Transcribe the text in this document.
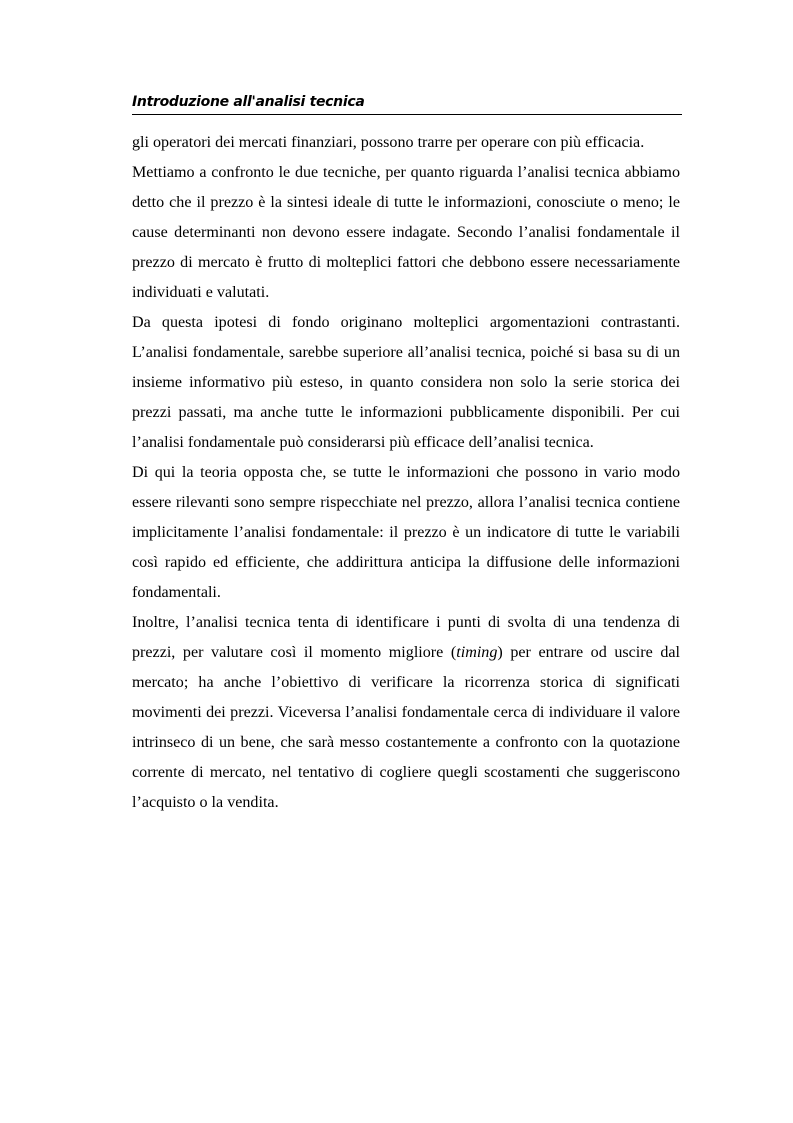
Introduzione all'analisi tecnica

gli operatori dei mercati finanziari, possono trarre per operare con più efficacia.

Mettiamo a confronto le due tecniche, per quanto riguarda l’analisi tecnica abbiamo detto che il prezzo è la sintesi ideale di tutte le informazioni, conosciute o meno; le cause determinanti non devono essere indagate. Secondo l’analisi fondamentale il prezzo di mercato è frutto di molteplici fattori che debbono essere necessariamente individuati e valutati.

Da questa ipotesi di fondo originano molteplici argomentazioni contrastanti. L’analisi fondamentale, sarebbe superiore all’analisi tecnica, poiché si basa su di un insieme informativo più esteso, in quanto considera non solo la serie storica dei prezzi passati, ma anche tutte le informazioni pubblicamente disponibili. Per cui l’analisi fondamentale può considerarsi più efficace dell’analisi tecnica.

Di qui la teoria opposta che, se tutte le informazioni che possono in vario modo essere rilevanti sono sempre rispecchiate nel prezzo, allora l’analisi tecnica contiene implicitamente l’analisi fondamentale: il prezzo è un indicatore di tutte le variabili così rapido ed efficiente, che addirittura anticipa la diffusione delle informazioni fondamentali.

Inoltre, l’analisi tecnica tenta di identificare i punti di svolta di una tendenza di prezzi, per valutare così il momento migliore (timing) per entrare od uscire dal mercato; ha anche l’obiettivo di verificare la ricorrenza storica di significati movimenti dei prezzi. Viceversa l’analisi fondamentale cerca di individuare il valore intrinseco di un bene, che sarà messo costantemente a confronto con la quotazione corrente di mercato, nel tentativo di cogliere quegli scostamenti che suggeriscono l’acquisto o la vendita.
